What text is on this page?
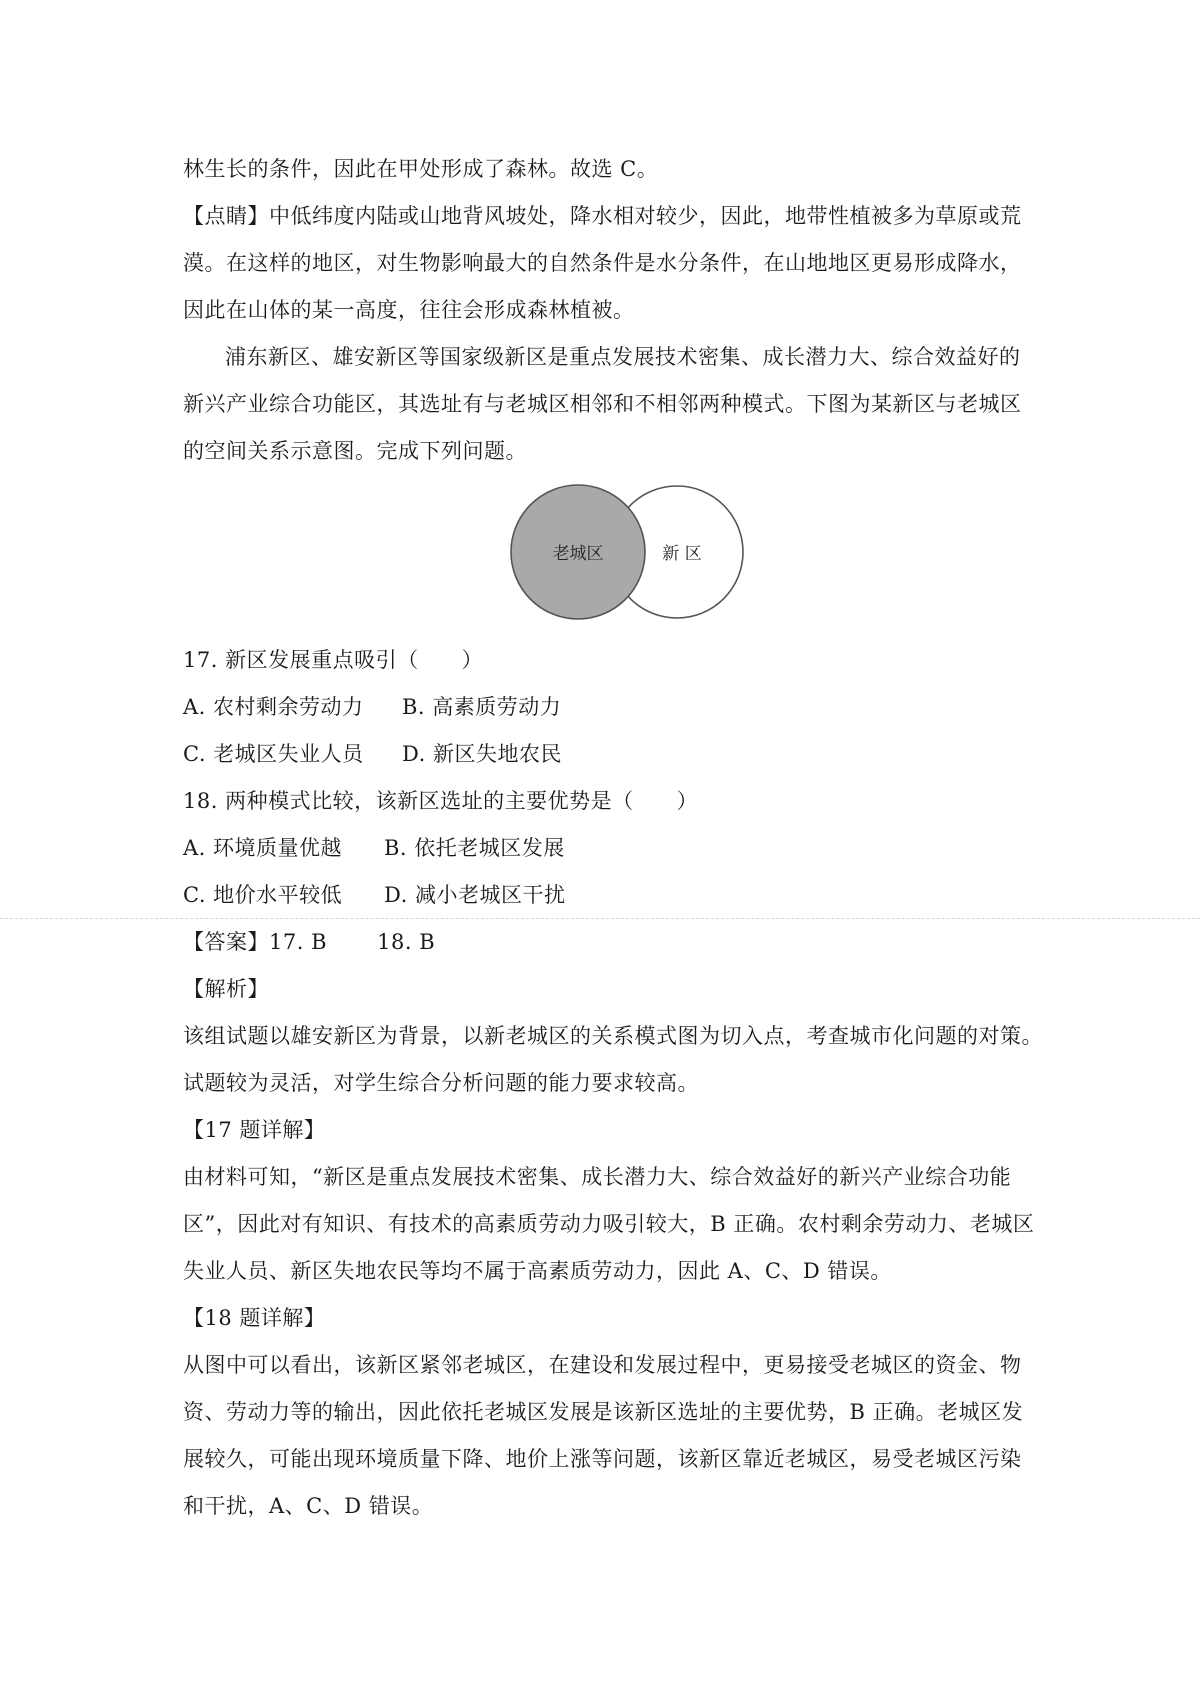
林生长的条件，因此在甲处形成了森林。故选 C。
【点睛】中低纬度内陆或山地背风坡处，降水相对较少，因此，地带性植被多为草原或荒
漠。在这样的地区，对生物影响最大的自然条件是水分条件，在山地地区更易形成降水，
因此在山体的某一高度，往往会形成森林植被。
浦东新区、雄安新区等国家级新区是重点发展技术密集、成长潜力大、综合效益好的
新兴产业综合功能区，其选址有与老城区相邻和不相邻两种模式。下图为某新区与老城区
的空间关系示意图。完成下列问题。
老城区	新 区
17. 新区发展重点吸引（　　）
A. 农村剩余劳动力 B. 高素质劳动力
C. 老城区失业人员 D. 新区失地农民
18. 两种模式比较，该新区选址的主要优势是（　　）
A. 环境质量优越 B. 依托老城区发展
C. 地价水平较低 D. 减小老城区干扰
【答案】17. B　　 18. B
【解析】
该组试题以雄安新区为背景，以新老城区的关系模式图为切入点，考查城市化问题的对策。
试题较为灵活，对学生综合分析问题的能力要求较高。
【17 题详解】
由材料可知，“新区是重点发展技术密集、成长潜力大、综合效益好的新兴产业综合功能
区”，因此对有知识、有技术的高素质劳动力吸引较大，B 正确。农村剩余劳动力、老城区
失业人员、新区失地农民等均不属于高素质劳动力，因此 A、C、D 错误。
【18 题详解】
从图中可以看出，该新区紧邻老城区，在建设和发展过程中，更易接受老城区的资金、物
资、劳动力等的输出，因此依托老城区发展是该新区选址的主要优势，B 正确。老城区发
展较久，可能出现环境质量下降、地价上涨等问题，该新区靠近老城区，易受老城区污染
和干扰，A、C、D 错误。
